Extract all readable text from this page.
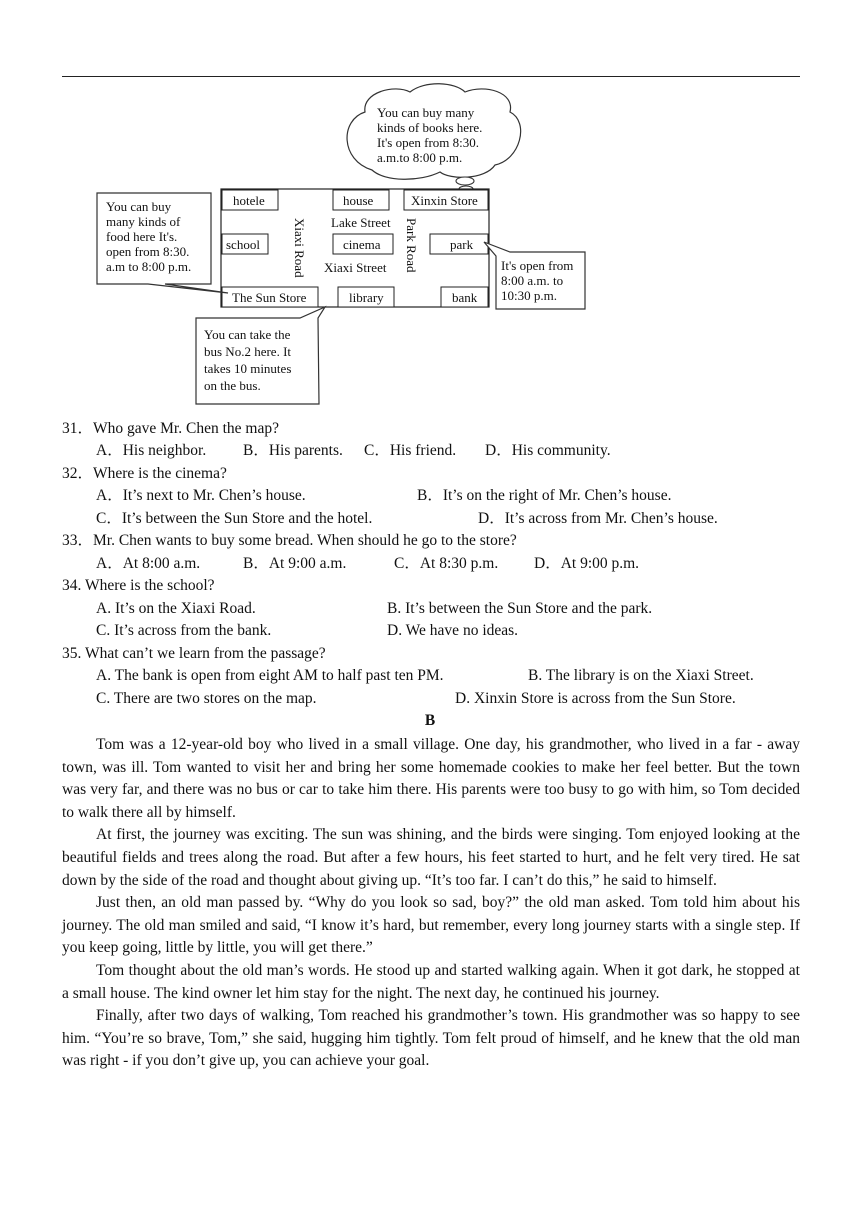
You can buy many
kinds of books here.
It's open from 8:30.
a.m.to 8:00 p.m.
hotele	house	Xinxin Store
school	cinema	park
The Sun Store	library	bank
Lake Street
Xiaxi Street
Xiaxi Road	Park Road
You can buy
many kinds of
food here It's.
open from 8:30.
a.m to 8:00 p.m.	It's open from
8:00 a.m. to
10:30 p.m.
You can take the
bus No.2 here. It
takes 10 minutes
on the bus.
31．Who gave Mr. Chen the map?
A．His neighbor. B．His parents. C．His friend. D．His community.
32．Where is the cinema?
A．It’s next to Mr. Chen’s house.	B．It’s on the right of Mr. Chen’s house.
C．It’s between the Sun Store and the hotel.	D．It’s across from Mr. Chen’s house.
33．Mr. Chen wants to buy some bread. When should he go to the store?
A．At 8:00 a.m.	B．At 9:00 a.m.	C．At 8:30 p.m. D．At 9:00 p.m.
34. Where is the school?
A. It’s on the Xiaxi Road.	B. It’s between the Sun Store and the park.
C. It’s across from the bank.	D. We have no ideas.
35. What can’t we learn from the passage?
A. The bank is open from eight AM to half past ten PM.	B. The library is on the Xiaxi Street.
C. There are two stores on the map.	D. Xinxin Store is across from the Sun Store.
B

Tom was a 12-year-old boy who lived in a small village. One day, his grandmother, who lived in a far - away town, was ill. Tom wanted to visit her and bring her some homemade cookies to make her feel better. But the town was very far, and there was no bus or car to take him there. His parents were too busy to go with him, so Tom decided to walk there all by himself.

At first, the journey was exciting. The sun was shining, and the birds were singing. Tom enjoyed looking at the beautiful fields and trees along the road. But after a few hours, his feet started to hurt, and he felt very tired. He sat down by the side of the road and thought about giving up. “It’s too far. I can’t do this,” he said to himself.

Just then, an old man passed by. “Why do you look so sad, boy?” the old man asked. Tom told him about his journey. The old man smiled and said, “I know it’s hard, but remember, every long journey starts with a single step. If you keep going, little by little, you will get there.”

Tom thought about the old man’s words. He stood up and started walking again. When it got dark, he stopped at a small house. The kind owner let him stay for the night. The next day, he continued his journey.

Finally, after two days of walking, Tom reached his grandmother’s town. His grandmother was so happy to see him. “You’re so brave, Tom,” she said, hugging him tightly. Tom felt proud of himself, and he knew that the old man was right - if you don’t give up, you can achieve your goal.
